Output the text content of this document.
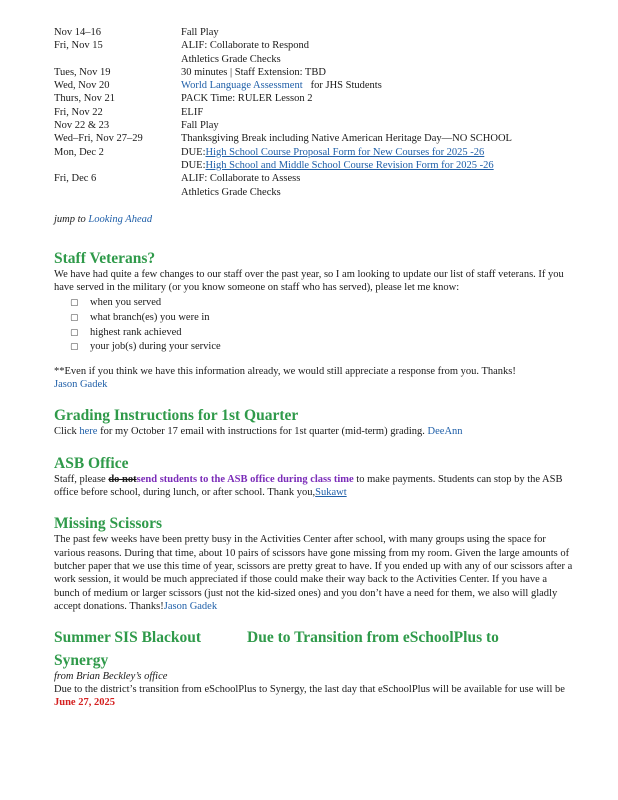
Nov 14–16	Fall Play
Fri, Nov 15	ALIF: Collaborate to Respond
Athletics Grade Checks
Tues, Nov 19	30 minutes | Staff Extension: TBD
Wed, Nov 20	World Language Assessment for JHS Students
Thurs, Nov 21	PACK Time: RULER Lesson 2
Fri, Nov 22	ELIF
Nov 22 & 23	Fall Play
Wed–Fri, Nov 27–29	Thanksgiving Break including Native American Heritage Day—NO SCHOOL
Mon, Dec 2	DUE:High School Course Proposal Form for New Courses for 2025 -26
DUE:High School and Middle School Course Revision Form for 2025 -26
Fri, Dec 6	ALIF: Collaborate to Assess
Athletics Grade Checks
jump to Looking Ahead
Staff Veterans?

We have had quite a few changes to our staff over the past year, so I am looking to update our list of staff veterans. If you have served in the military (or you know someone on staff who has served), please let me know:

▢	when you served
▢	what branch(es) you were in
▢	highest rank achieved
▢	your job(s) during your service

**Even if you think we have this information already, we would still appreciate a response from you. Thanks!
Jason Gadek

Grading Instructions for 1st Quarter

Click here for my October 17 email with instructions for 1st quarter (mid-term) grading. DeeAnn

ASB Office

Staff, please do notsend students to the ASB office during class time to make payments. Students can stop by the ASB office before school, during lunch, or after school. Thank you,Sukawt

Missing Scissors

The past few weeks have been pretty busy in the Activities Center after school, with many groups using the space for various reasons. During that time, about 10 pairs of scissors have gone missing from my room. Given the large amounts of butcher paper that we use this time of year, scissors are pretty great to have. If you ended up with any of our scissors after a work session, it would be much appreciated if those could make their way back to the Activities Center. If you have a bunch of medium or larger scissors (just not the kid-sized ones) and you don’t have a need for them, we also will gladly accept donations. Thanks!Jason Gadek

Summer SIS Blackout	Due to Transition from eSchoolPlus to
Synergy
from Brian Beckley’s office

Due to the district’s transition from eSchoolPlus to Synergy, the last day that eSchoolPlus will be available for use will be June 27, 2025
